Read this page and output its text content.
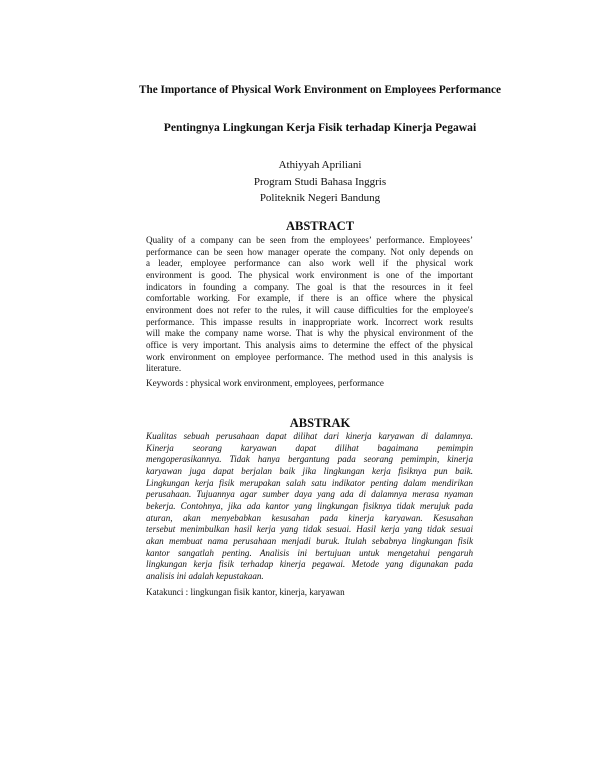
The Importance of Physical Work Environment on Employees Performance
Pentingnya Lingkungan Kerja Fisik terhadap Kinerja Pegawai
Athiyyah Apriliani
Program Studi Bahasa Inggris
Politeknik Negeri Bandung
ABSTRACT
Quality of a company can be seen from the employees’ performance. Employees’
performance can be seen how manager operate the company. Not only depends on
a leader, employee performance can also work well if the physical work
environment is good. The physical work environment is one of the important
indicators in founding a company. The goal is that the resources in it feel
comfortable working. For example, if there is an office where the physical
environment does not refer to the rules, it will cause difficulties for the employee's
performance. This impasse results in inappropriate work. Incorrect work results
will make the company name worse. That is why the physical environment of the
office is very important. This analysis aims to determine the effect of the physical
work environment on employee performance. The method used in this analysis is
literature.
Keywords : physical work environment, employees, performance
ABSTRAK
Kualitas sebuah perusahaan dapat dilihat dari kinerja karyawan di dalamnya.
Kinerja seorang karyawan dapat dilihat bagaimana pemimpin
mengoperasikannya. Tidak hanya bergantung pada seorang pemimpin, kinerja
karyawan juga dapat berjalan baik jika lingkungan kerja fisiknya pun baik.
Lingkungan kerja fisik merupakan salah satu indikator penting dalam mendirikan
perusahaan. Tujuannya agar sumber daya yang ada di dalamnya merasa nyaman
bekerja. Contohnya, jika ada kantor yang lingkungan fisiknya tidak merujuk pada
aturan, akan menyebabkan kesusahan pada kinerja karyawan. Kesusahan
tersebut menimbulkan hasil kerja yang tidak sesuai. Hasil kerja yang tidak sesuai
akan membuat nama perusahaan menjadi buruk. Itulah sebabnya lingkungan fisik
kantor sangatlah penting. Analisis ini bertujuan untuk mengetahui pengaruh
lingkungan kerja fisik terhadap kinerja pegawai. Metode yang digunakan pada
analisis ini adalah kepustakaan.
Katakunci : lingkungan fisik kantor, kinerja, karyawan
